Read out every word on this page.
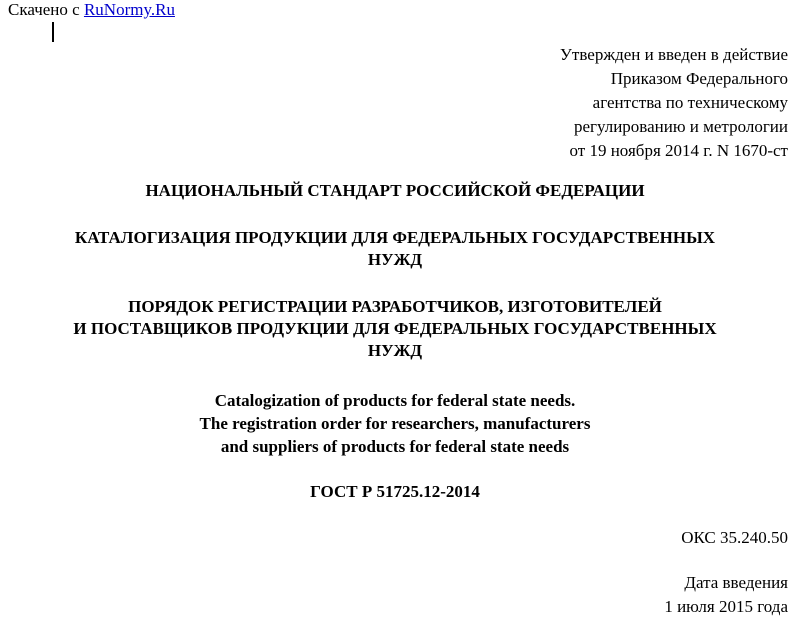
Скачено с RuNormy.Ru
Утвержден и введен в действие
Приказом Федерального
агентства по техническому
регулированию и метрологии
от 19 ноября 2014 г. N 1670-ст
НАЦИОНАЛЬНЫЙ СТАНДАРТ РОССИЙСКОЙ ФЕДЕРАЦИИ
КАТАЛОГИЗАЦИЯ ПРОДУКЦИИ ДЛЯ ФЕДЕРАЛЬНЫХ ГОСУДАРСТВЕННЫХ
НУЖД
ПОРЯДОК РЕГИСТРАЦИИ РАЗРАБОТЧИКОВ, ИЗГОТОВИТЕЛЕЙ
И ПОСТАВЩИКОВ ПРОДУКЦИИ ДЛЯ ФЕДЕРАЛЬНЫХ ГОСУДАРСТВЕННЫХ
НУЖД
Catalogization of products for federal state needs.
The registration order for researchers, manufacturers
and suppliers of products for federal state needs
ГОСТ Р 51725.12-2014
ОКС 35.240.50
Дата введения
1 июля 2015 года
